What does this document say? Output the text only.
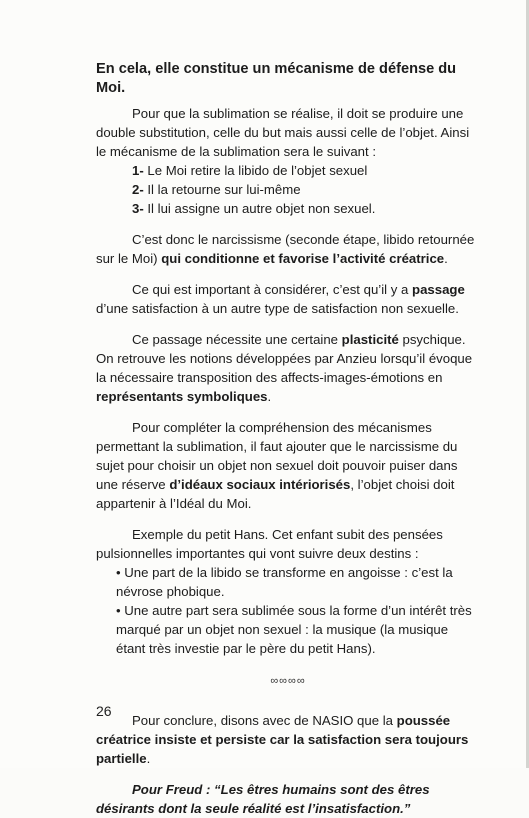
En cela, elle constitue un mécanisme de défense du Moi.

Pour que la sublimation se réalise, il doit se produire une double substitution, celle du but mais aussi celle de l’objet. Ainsi le mécanisme de la sublimation sera le suivant :

1- Le Moi retire la libido de l’objet sexuel
2- Il la retourne sur lui-même
3- Il lui assigne un autre objet non sexuel.

C’est donc le narcissisme (seconde étape, libido retournée sur le Moi) qui conditionne et favorise l’activité créatrice.

Ce qui est important à considérer, c’est qu’il y a passage d’une satisfaction à un autre type de satisfaction non sexuelle.

Ce passage nécessite une certaine plasticité psychique. On retrouve les notions développées par Anzieu lorsqu’il évoque la nécessaire transposition des affects-images-émotions en représentants symboliques.

Pour compléter la compréhension des mécanismes permettant la sublimation, il faut ajouter que le narcissisme du sujet pour choisir un objet non sexuel doit pouvoir puiser dans une réserve d’idéaux sociaux intériorisés, l’objet choisi doit appartenir à l’Idéal du Moi.

Exemple du petit Hans. Cet enfant subit des pensées pulsionnelles importantes qui vont suivre deux destins :

• Une part de la libido se transforme en angoisse : c’est la névrose phobique.

• Une autre part sera sublimée sous la forme d’un intérêt très marqué par un objet non sexuel : la musique (la musique étant très investie par le père du petit Hans).

∞∞∞∞

Pour conclure, disons avec de NASIO que la poussée créatrice insiste et persiste car la satisfaction sera toujours partielle.

Pour Freud : “Les êtres humains sont des êtres désirants dont la seule réalité est l’insatisfaction.”

26
